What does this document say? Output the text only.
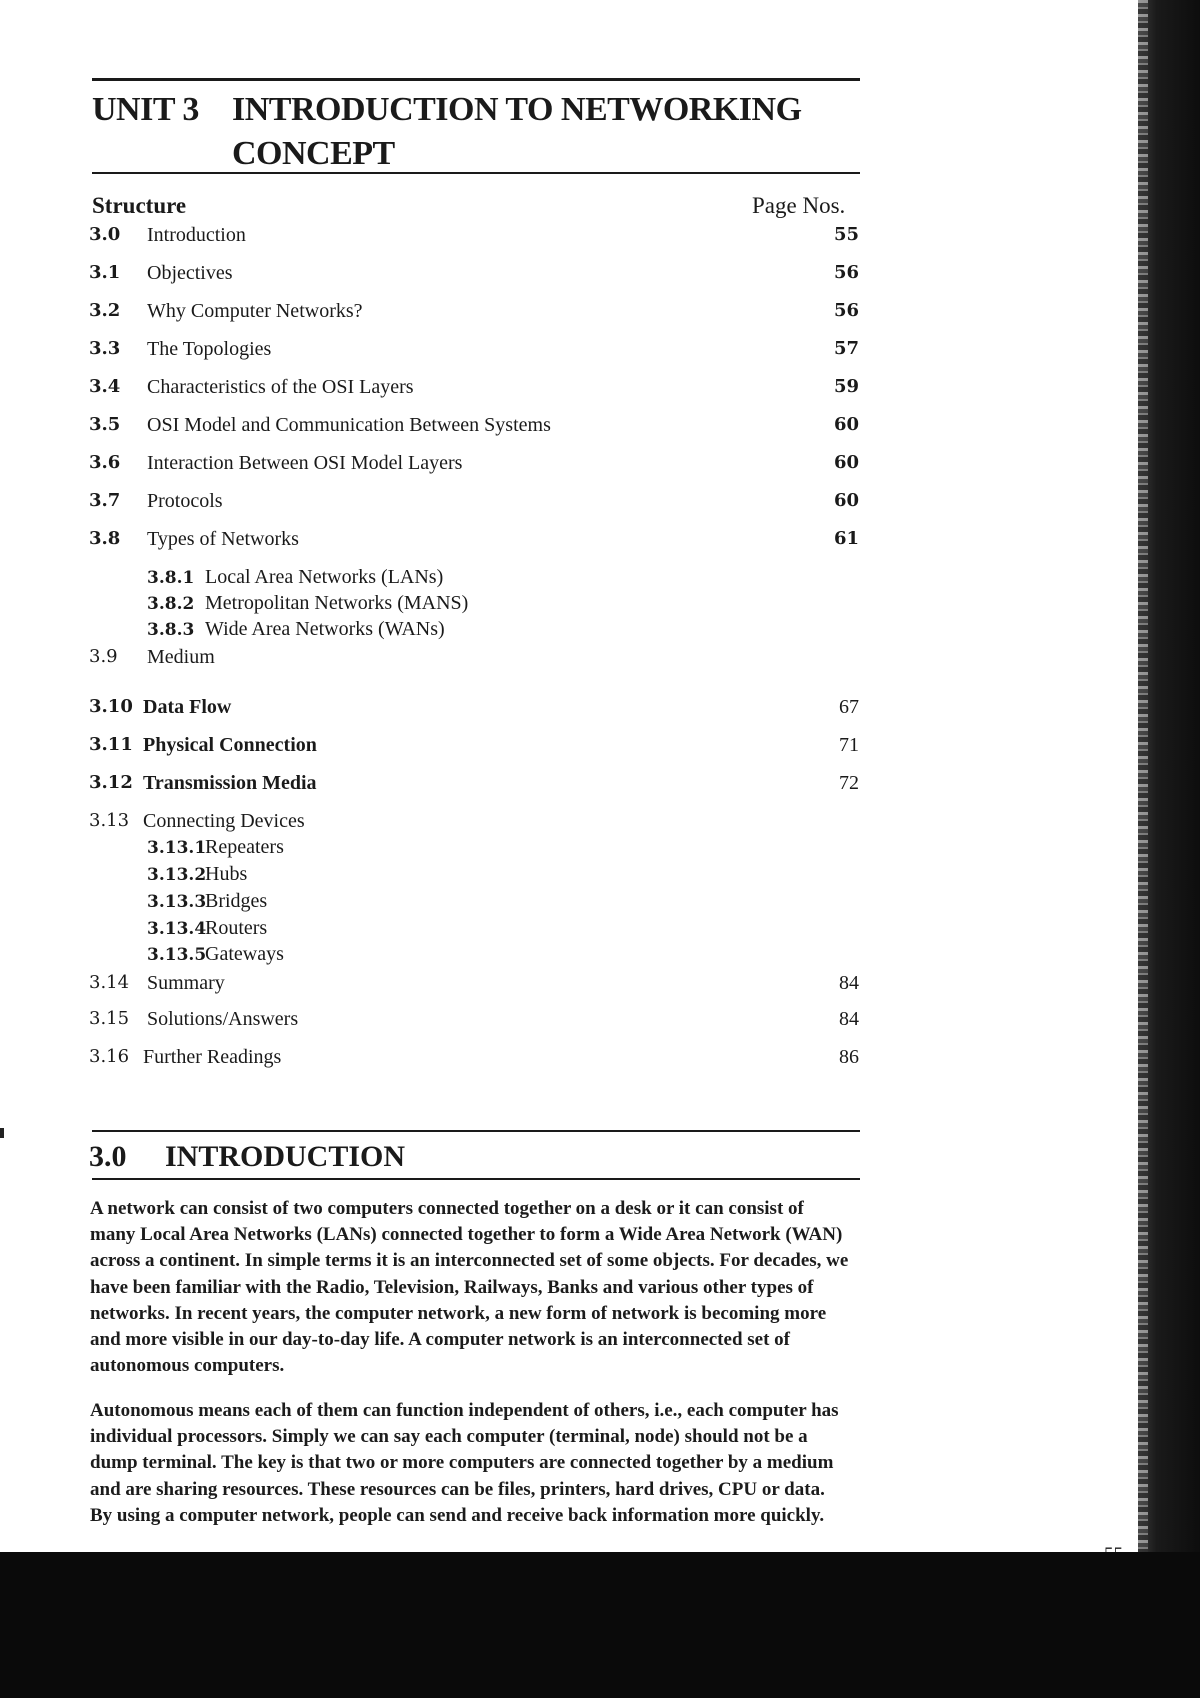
UNIT 3 INTRODUCTION TO NETWORKING
CONCEPT
Structure	Page Nos.
3.0 Introduction	55
3.1 Objectives	56
3.2 Why Computer Networks?	56
3.3 The Topologies	57
3.4 Characteristics of the OSI Layers	59
3.5 OSI Model and Communication Between Systems	60
3.6 Interaction Between OSI Model Layers	60
3.7 Protocols	60
3.8 Types of Networks	61
3.8.1 Local Area Networks (LANs)
3.8.2 Metropolitan Networks (MANS)
3.8.3 Wide Area Networks (WANs)
3.9 Medium
3.10 Data Flow	67
3.11 Physical Connection	71
3.12 Transmission Media	72
3.13 Connecting Devices
3.13.1Repeaters
3.13.2Hubs
3.13.3Bridges
3.13.4Routers
3.13.5Gateways
3.14 Summary	84
3.15 Solutions/Answers	84
3.16 Further Readings	86
3.0 INTRODUCTION
A network can consist of two computers connected together on a desk or it can consist of many Local Area Networks (LANs) connected together to form a Wide Area Network (WAN) across a continent. In simple terms it is an interconnected set of some objects. For decades, we have been familiar with the Radio, Television, Railways, Banks and various other types of networks. In recent years, the computer network, a new form of network is becoming more and more visible in our day-to-day life. A computer network is an interconnected set of autonomous computers.
Autonomous means each of them can function independent of others, i.e., each computer has individual processors. Simply we can say each computer (terminal, node) should not be a dump terminal. The key is that two or more computers are connected together by a medium and are sharing resources. These resources can be files, printers, hard drives, CPU or data. By using a computer network, people can send and receive back information more quickly.
